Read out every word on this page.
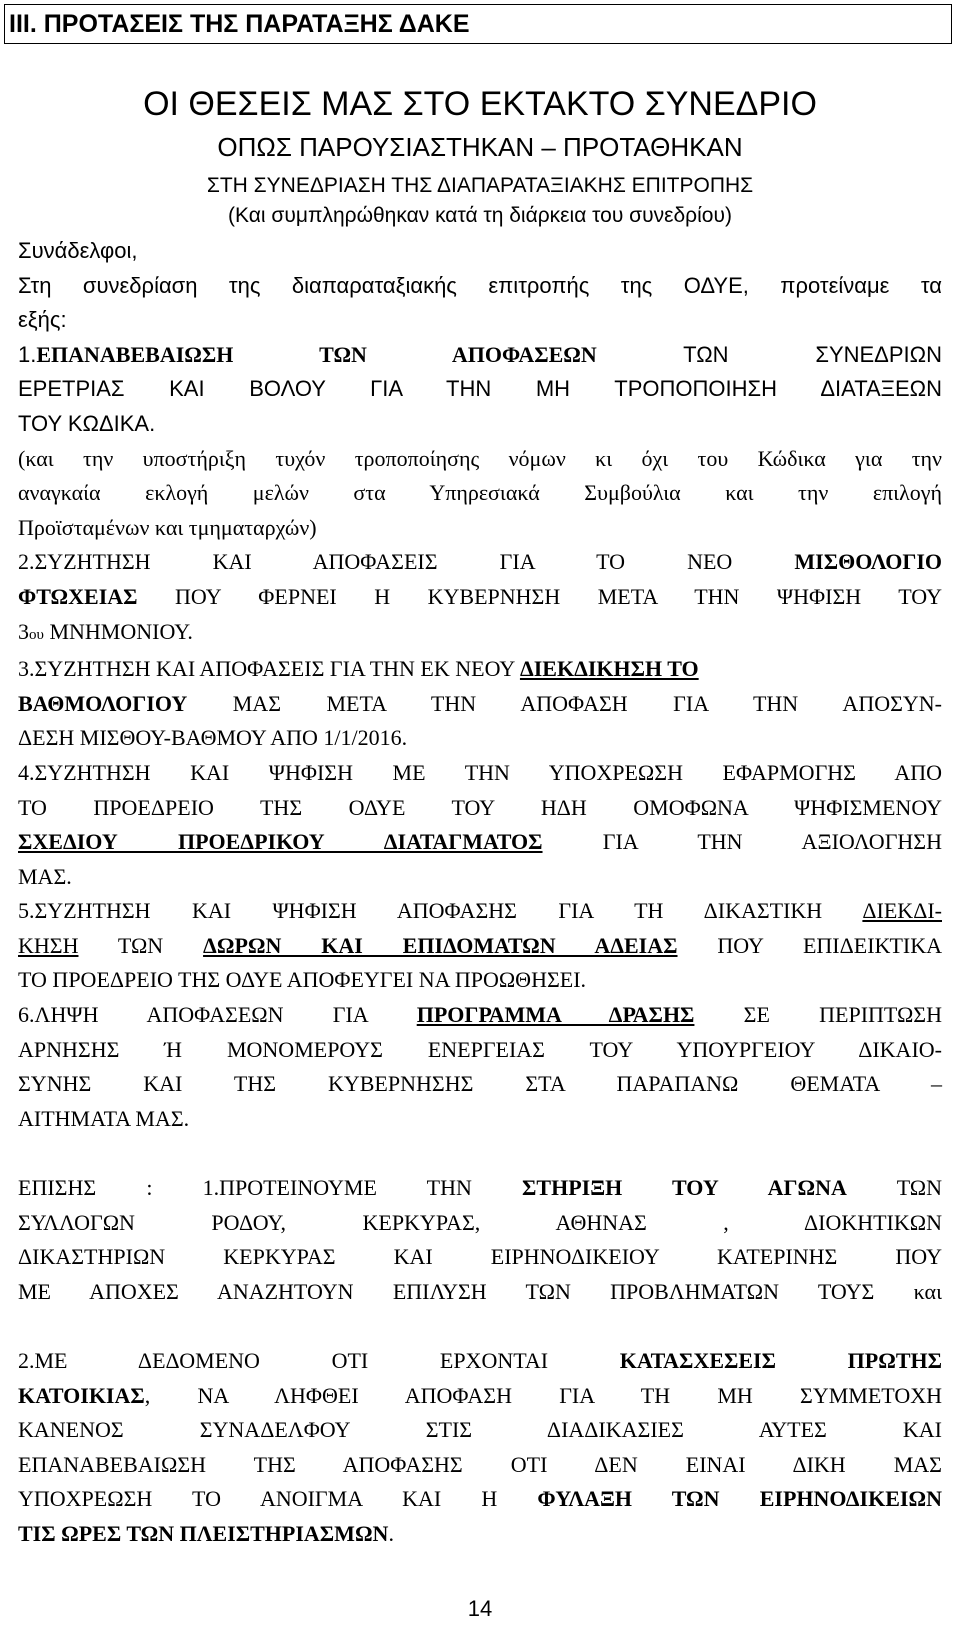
III. ΠΡΟΤΑΣΕΙΣ ΤΗΣ ΠΑΡΑΤΑΞΗΣ ΔΑΚΕ
ΟΙ ΘΕΣΕΙΣ ΜΑΣ ΣΤΟ ΕΚΤΑΚΤΟ ΣΥΝΕΔΡΙΟ
ΟΠΩΣ ΠΑΡΟΥΣΙΑΣΤΗΚΑΝ – ΠΡΟΤΑΘΗΚΑΝ
ΣΤΗ ΣΥΝΕΔΡΙΑΣΗ ΤΗΣ ΔΙΑΠΑΡΑΤΑΞΙΑΚΗΣ ΕΠΙΤΡΟΠΗΣ
(Και συμπληρώθηκαν κατά τη διάρκεια του συνεδρίου)

Συνάδελφοι,

Στη συνεδρίαση της διαπαραταξιακής επιτροπής της ΟΔΥΕ, προτείναμε τα

εξής:

1.ΕΠΑΝΑΒΕΒΑΙΩΣΗ ΤΩΝ ΑΠΟΦΑΣΕΩΝ ΤΩΝ ΣΥΝΕΔΡΙΩΝ

ΕΡΕΤΡΙΑΣ ΚΑΙ ΒΟΛΟΥ ΓΙΑ ΤΗΝ ΜΗ ΤΡΟΠΟΠΟΙΗΣΗ ΔΙΑΤΑΞΕΩΝ

ΤΟΥ ΚΩΔΙΚΑ.

(και την υποστήριξη τυχόν τροποποίησης νόμων κι όχι του Κώδικα για την

αναγκαία εκλογή μελών στα Υπηρεσιακά Συμβούλια και την επιλογή

Προϊσταμένων και τμηματαρχών)

2.ΣΥΖΗΤΗΣΗ ΚΑΙ ΑΠΟΦΑΣΕΙΣ ΓΙΑ ΤΟ ΝΕΟ ΜΙΣΘΟΛΟΓΙΟ

ΦΤΩΧΕΙΑΣ ΠΟΥ ΦΕΡΝΕΙ Η ΚΥΒΕΡΝΗΣΗ ΜΕΤΑ ΤΗΝ ΨΗΦΙΣΗ ΤΟΥ

3ου ΜΝΗΜΟΝΙΟΥ.

3.ΣΥΖΗΤΗΣΗ ΚΑΙ ΑΠΟΦΑΣΕΙΣ ΓΙΑ ΤΗΝ ΕΚ ΝΕΟΥ ΔΙΕΚΔΙΚΗΣΗ ΤΟ

ΒΑΘΜΟΛΟΓΙΟΥ ΜΑΣ ΜΕΤΑ ΤΗΝ ΑΠΟΦΑΣΗ ΓΙΑ ΤΗΝ ΑΠΟΣΥΝ-

ΔΕΣΗ ΜΙΣΘΟΥ-ΒΑΘΜΟΥ ΑΠΟ 1/1/2016.

4.ΣΥΖΗΤΗΣΗ ΚΑΙ ΨΗΦΙΣΗ ΜΕ ΤΗΝ ΥΠΟΧΡΕΩΣΗ ΕΦΑΡΜΟΓΗΣ ΑΠΟ

ΤΟ ΠΡΟΕΔΡΕΙΟ ΤΗΣ ΟΔΥΕ ΤΟΥ ΗΔΗ ΟΜΟΦΩΝΑ ΨΗΦΙΣΜΕΝΟΥ

ΣΧΕΔΙΟΥ ΠΡΟΕΔΡΙΚΟΥ ΔΙΑΤΑΓΜΑΤΟΣ ΓΙΑ ΤΗΝ ΑΞΙΟΛΟΓΗΣΗ

ΜΑΣ.

5.ΣΥΖΗΤΗΣΗ ΚΑΙ ΨΗΦΙΣΗ ΑΠΟΦΑΣΗΣ ΓΙΑ ΤΗ ΔΙΚΑΣΤΙΚΗ ΔΙΕΚΔΙ-

ΚΗΣΗ ΤΩΝ ΔΩΡΩΝ ΚΑΙ ΕΠΙΔΟΜΑΤΩΝ ΑΔΕΙΑΣ ΠΟΥ ΕΠΙΔΕΙΚΤΙΚΑ

ΤΟ ΠΡΟΕΔΡΕΙΟ ΤΗΣ ΟΔΥΕ ΑΠΟΦΕΥΓΕΙ ΝΑ ΠΡΟΩΘΗΣΕΙ.

6.ΛΗΨΗ ΑΠΟΦΑΣΕΩΝ ΓΙΑ ΠΡΟΓΡΑΜΜΑ ΔΡΑΣΗΣ ΣΕ ΠΕΡΙΠΤΩΣΗ

ΑΡΝΗΣΗΣ Ή ΜΟΝΟΜΕΡΟΥΣ ΕΝΕΡΓΕΙΑΣ ΤΟΥ ΥΠΟΥΡΓΕΙΟΥ ΔΙΚΑΙΟ-

ΣΥΝΗΣ ΚΑΙ ΤΗΣ ΚΥΒΕΡΝΗΣΗΣ ΣΤΑ ΠΑΡΑΠΑΝΩ ΘΕΜΑΤΑ –

ΑΙΤΗΜΑΤΑ ΜΑΣ.

ΕΠΙΣΗΣ : 1.ΠΡΟΤΕΙΝΟΥΜΕ ΤΗΝ ΣΤΗΡΙΞΗ ΤΟΥ ΑΓΩΝΑ ΤΩΝ

ΣΥΛΛΟΓΩΝ ΡΟΔΟΥ, ΚΕΡΚΥΡΑΣ, ΑΘΗΝΑΣ , ΔΙΟΚΗΤΙΚΩΝ

ΔΙΚΑΣΤΗΡΙΩΝ ΚΕΡΚΥΡΑΣ ΚΑΙ ΕΙΡΗΝΟΔΙΚΕΙΟΥ ΚΑΤΕΡΙΝΗΣ ΠΟΥ

ΜΕ ΑΠΟΧΕΣ ΑΝΑΖΗΤΟΥΝ ΕΠΙΛΥΣΗ ΤΩΝ ΠΡΟΒΛΗΜΑΤΩΝ ΤΟΥΣ και

2.ΜΕ ΔΕΔΟΜΕΝΟ ΟΤΙ ΕΡΧΟΝΤΑΙ ΚΑΤΑΣΧΕΣΕΙΣ ΠΡΩΤΗΣ

ΚΑΤΟΙΚΙΑΣ, ΝΑ ΛΗΦΘΕΙ ΑΠΟΦΑΣΗ ΓΙΑ ΤΗ ΜΗ ΣΥΜΜΕΤΟΧΗ

ΚΑΝΕΝΟΣ ΣΥΝΑΔΕΛΦΟΥ ΣΤΙΣ ΔΙΑΔΙΚΑΣΙΕΣ ΑΥΤΕΣ ΚΑΙ

ΕΠΑΝΑΒΕΒΑΙΩΣΗ ΤΗΣ ΑΠΟΦΑΣΗΣ ΟΤΙ ΔΕΝ ΕΙΝΑΙ ΔΙΚΗ ΜΑΣ

ΥΠΟΧΡΕΩΣΗ ΤΟ ΑΝΟΙΓΜΑ ΚΑΙ Η ΦΥΛΑΞΗ ΤΩΝ ΕΙΡΗΝΟΔΙΚΕΙΩΝ

ΤΙΣ ΩΡΕΣ ΤΩΝ ΠΛΕΙΣΤΗΡΙΑΣΜΩΝ.

14
